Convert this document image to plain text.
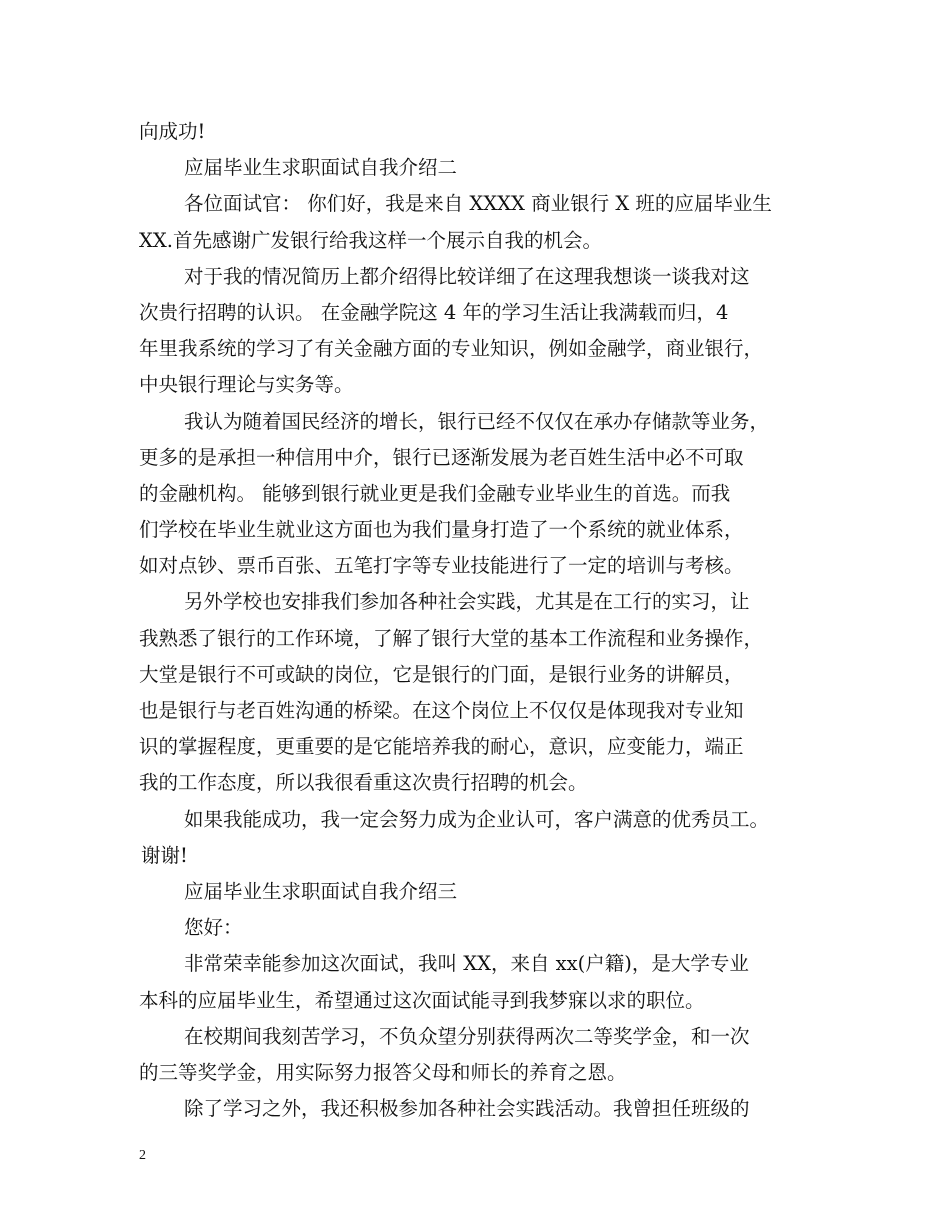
向成功!
应届毕业生求职面试自我介绍二
各位面试官： 你们好，我是来自 XXXX 商业银行 X 班的应届毕业生
XX.首先感谢广发银行给我这样一个展示自我的机会。
对于我的情况简历上都介绍得比较详细了在这理我想谈一谈我对这
次贵行招聘的认识。 在金融学院这 4 年的学习生活让我满载而归，4
年里我系统的学习了有关金融方面的专业知识，例如金融学，商业银行，
中央银行理论与实务等。
我认为随着国民经济的增长，银行已经不仅仅在承办存储款等业务，
更多的是承担一种信用中介，银行已逐渐发展为老百姓生活中必不可取
的金融机构。 能够到银行就业更是我们金融专业毕业生的首选。而我
们学校在毕业生就业这方面也为我们量身打造了一个系统的就业体系，
如对点钞、票币百张、五笔打字等专业技能进行了一定的培训与考核。
另外学校也安排我们参加各种社会实践，尤其是在工行的实习，让
我熟悉了银行的工作环境，了解了银行大堂的基本工作流程和业务操作，
大堂是银行不可或缺的岗位，它是银行的门面，是银行业务的讲解员，
也是银行与老百姓沟通的桥梁。在这个岗位上不仅仅是体现我对专业知
识的掌握程度，更重要的是它能培养我的耐心，意识，应变能力，端正
我的工作态度，所以我很看重这次贵行招聘的机会。
如果我能成功，我一定会努力成为企业认可，客户满意的优秀员工。
谢谢!
应届毕业生求职面试自我介绍三
您好：
非常荣幸能参加这次面试，我叫 XX，来自 xx(户籍)，是大学专业
本科的应届毕业生，希望通过这次面试能寻到我梦寐以求的职位。
在校期间我刻苦学习，不负众望分别获得两次二等奖学金，和一次
的三等奖学金，用实际努力报答父母和师长的养育之恩。
除了学习之外，我还积极参加各种社会实践活动。我曾担任班级的
2
